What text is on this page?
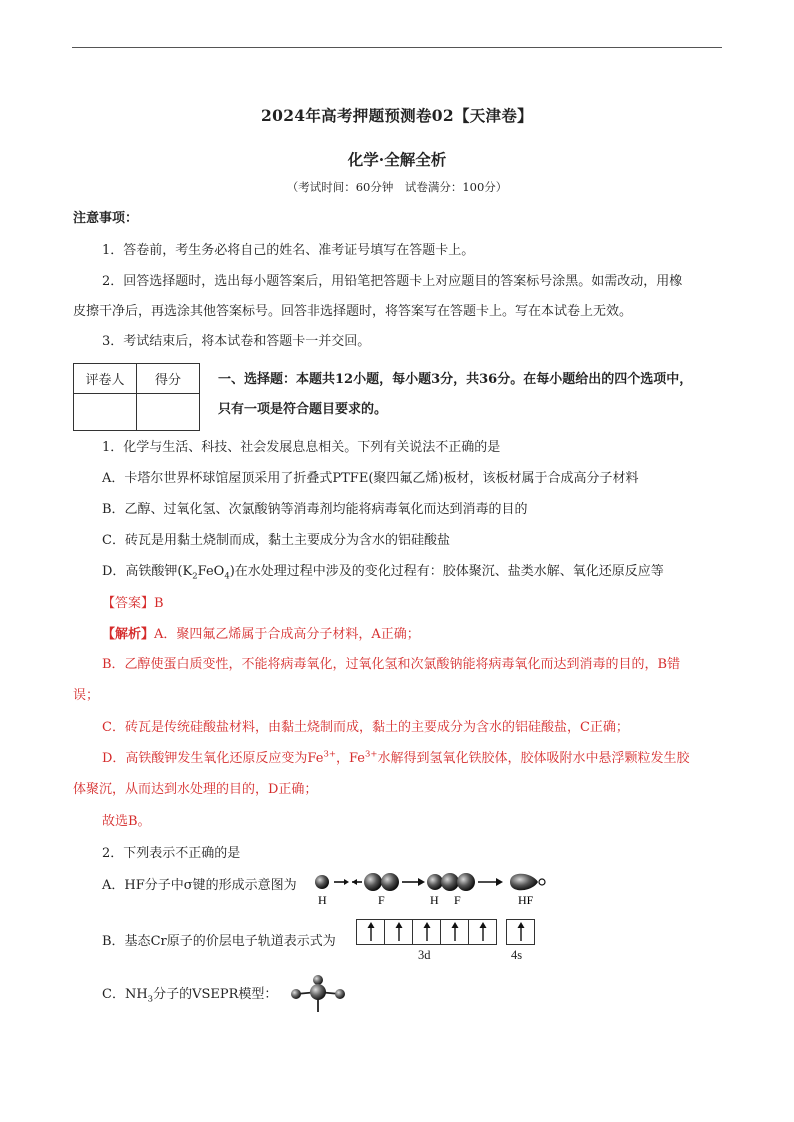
2024年高考押题预测卷02【天津卷】
化学·全解全析
（考试时间：60分钟　试卷满分：100分）
注意事项：
1．答卷前，考生务必将自己的姓名、准考证号填写在答题卡上。
2．回答选择题时，选出每小题答案后，用铅笔把答题卡上对应题目的答案标号涂黑。如需改动，用橡
皮擦干净后，再选涂其他答案标号。回答非选择题时，将答案写在答题卡上。写在本试卷上无效。
3．考试结束后，将本试卷和答题卡一并交回。
评卷人	得分
		一、选择题：本题共12小题，每小题3分，共36分。在每小题给出的四个选项中，
只有一项是符合题目要求的。
1．化学与生活、科技、社会发展息息相关。下列有关说法不正确的是
A．卡塔尔世界杯球馆屋顶采用了折叠式PTFE(聚四氟乙烯)板材，该板材属于合成高分子材料
B．乙醇、过氧化氢、次氯酸钠等消毒剂均能将病毒氧化而达到消毒的目的
C．砖瓦是用黏土烧制而成，黏土主要成分为含水的铝硅酸盐
D．高铁酸钾$(K_2FeO_4)$在水处理过程中涉及的变化过程有：胶体聚沉、盐类水解、氧化还原反应等
【答案】B
【解析】A．聚四氟乙烯属于合成高分子材料，A正确；
B．乙醇使蛋白质变性，不能将病毒氧化，过氧化氢和次氯酸钠能将病毒氧化而达到消毒的目的，B错
误；
C．砖瓦是传统硅酸盐材料，由黏土烧制而成，黏土的主要成分为含水的铝硅酸盐，C正确；
D．高铁酸钾发生氧化还原反应变为$Fe^{3+}$，$Fe^{3+}$水解得到氢氧化铁胶体，胶体吸附水中悬浮颗粒发生胶
体聚沉，从而达到水处理的目的，D正确；
故选B。
2．下列表示不正确的是
A．HF分子中σ键的形成示意图为
H	F	H F	HF
B．基态Cr原子的价层电子轨道表示式为
3d	4s
C．$NH_3$分子的VSEPR模型：
